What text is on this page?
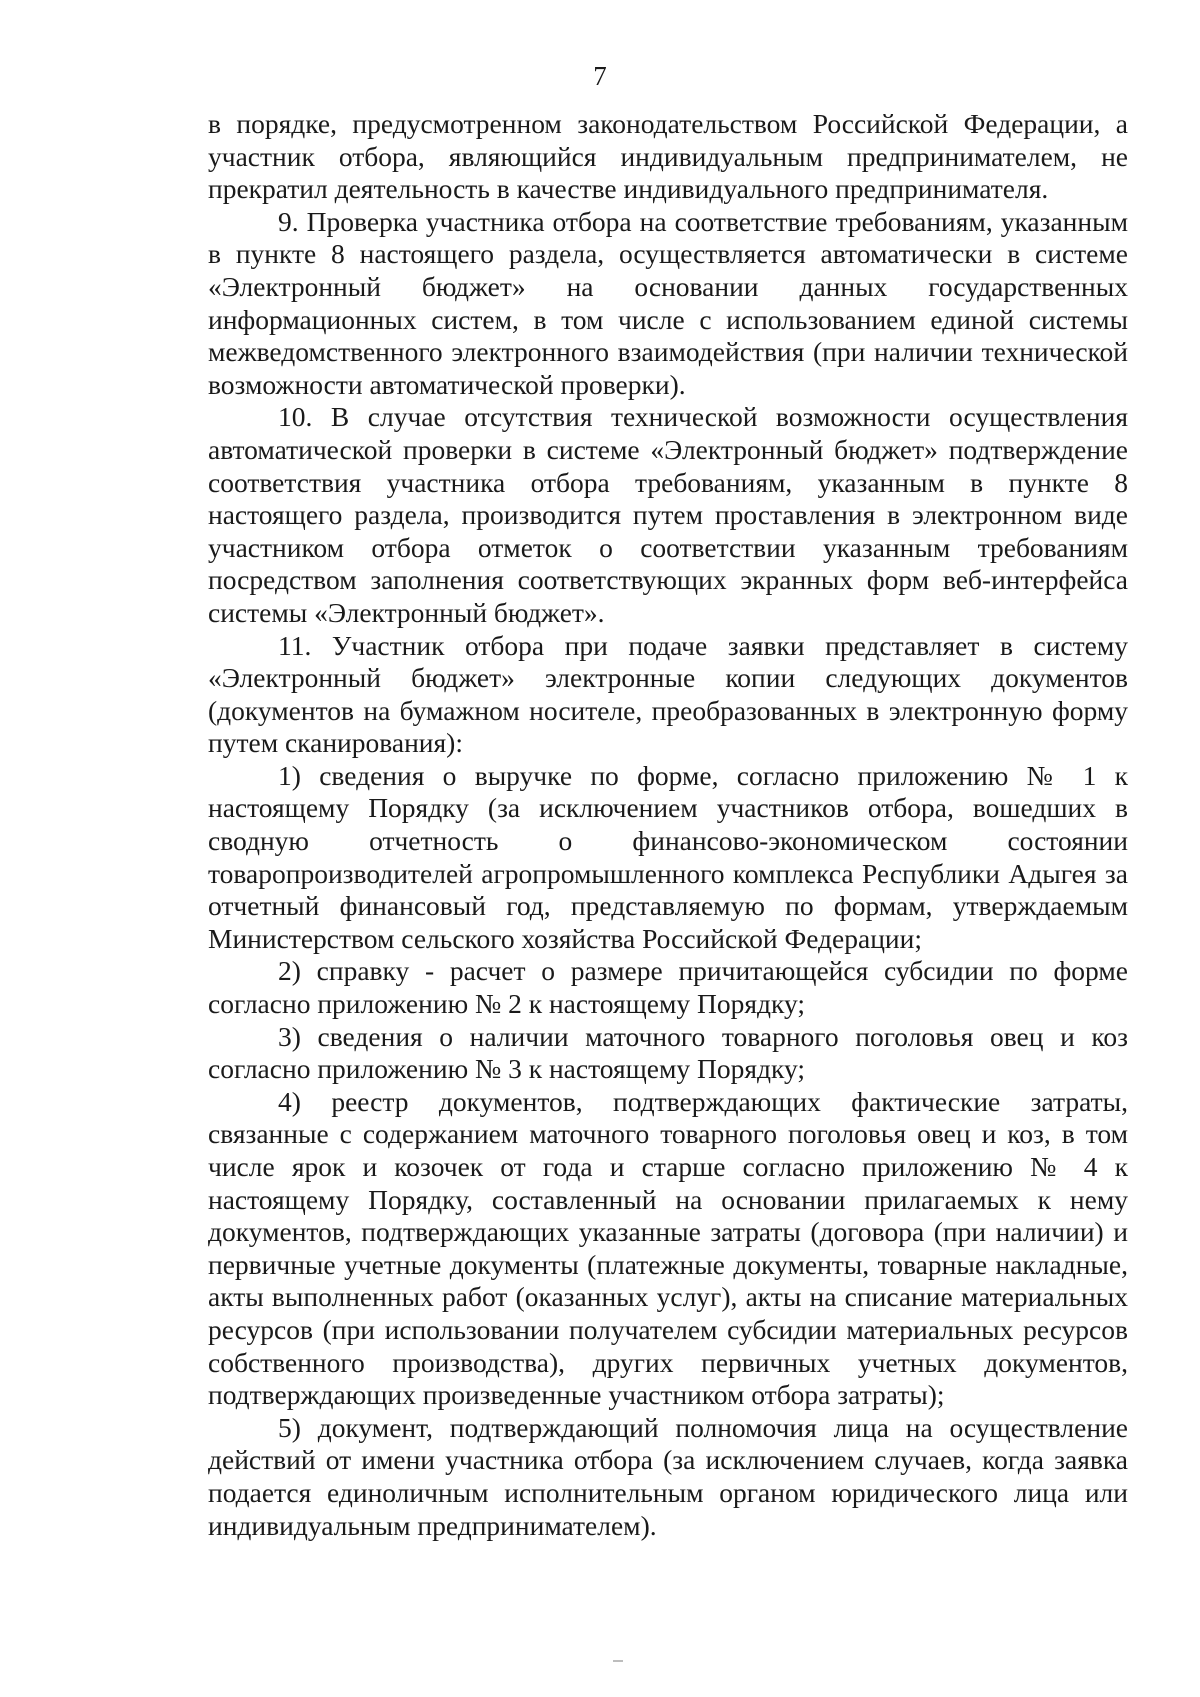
7

в порядке, предусмотренном законодательством Российской Федерации, а участник отбора, являющийся индивидуальным предпринимателем, не прекратил деятельность в качестве индивидуального предпринимателя.

9. Проверка участника отбора на соответствие требованиям, указанным в пункте 8 настоящего раздела, осуществляется автоматически в системе «Электронный бюджет» на основании данных государственных информационных систем, в том числе с использованием единой системы межведомственного электронного взаимодействия (при наличии технической возможности автоматической проверки).

10. В случае отсутствия технической возможности осуществления автоматической проверки в системе «Электронный бюджет» подтверждение соответствия участника отбора требованиям, указанным в пункте 8 настоящего раздела, производится путем проставления в электронном виде участником отбора отметок о соответствии указанным требованиям посредством заполнения соответствующих экранных форм веб-интерфейса системы «Электронный бюджет».

11. Участник отбора при подаче заявки представляет в систему «Электронный бюджет» электронные копии следующих документов (документов на бумажном носителе, преобразованных в электронную форму путем сканирования):

1) сведения о выручке по форме, согласно приложению № 1 к настоящему Порядку (за исключением участников отбора, вошедших в сводную отчетность о финансово-экономическом состоянии товаропроизводителей агропромышленного комплекса Республики Адыгея за отчетный финансовый год, представляемую по формам, утверждаемым Министерством сельского хозяйства Российской Федерации;

2) справку - расчет о размере причитающейся субсидии по форме согласно приложению № 2 к настоящему Порядку;

3) сведения о наличии маточного товарного поголовья овец и коз согласно приложению № 3 к настоящему Порядку;

4) реестр документов, подтверждающих фактические затраты, связанные с содержанием маточного товарного поголовья овец и коз, в том числе ярок и козочек от года и старше согласно приложению № 4 к настоящему Порядку, составленный на основании прилагаемых к нему документов, подтверждающих указанные затраты (договора (при наличии) и первичные учетные документы (платежные документы, товарные накладные, акты выполненных работ (оказанных услуг), акты на списание материальных ресурсов (при использовании получателем субсидии материальных ресурсов собственного производства), других первичных учетных документов, подтверждающих произведенные участником отбора затраты);

5) документ, подтверждающий полномочия лица на осуществление действий от имени участника отбора (за исключением случаев, когда заявка подается единоличным исполнительным органом юридического лица или индивидуальным предпринимателем).
